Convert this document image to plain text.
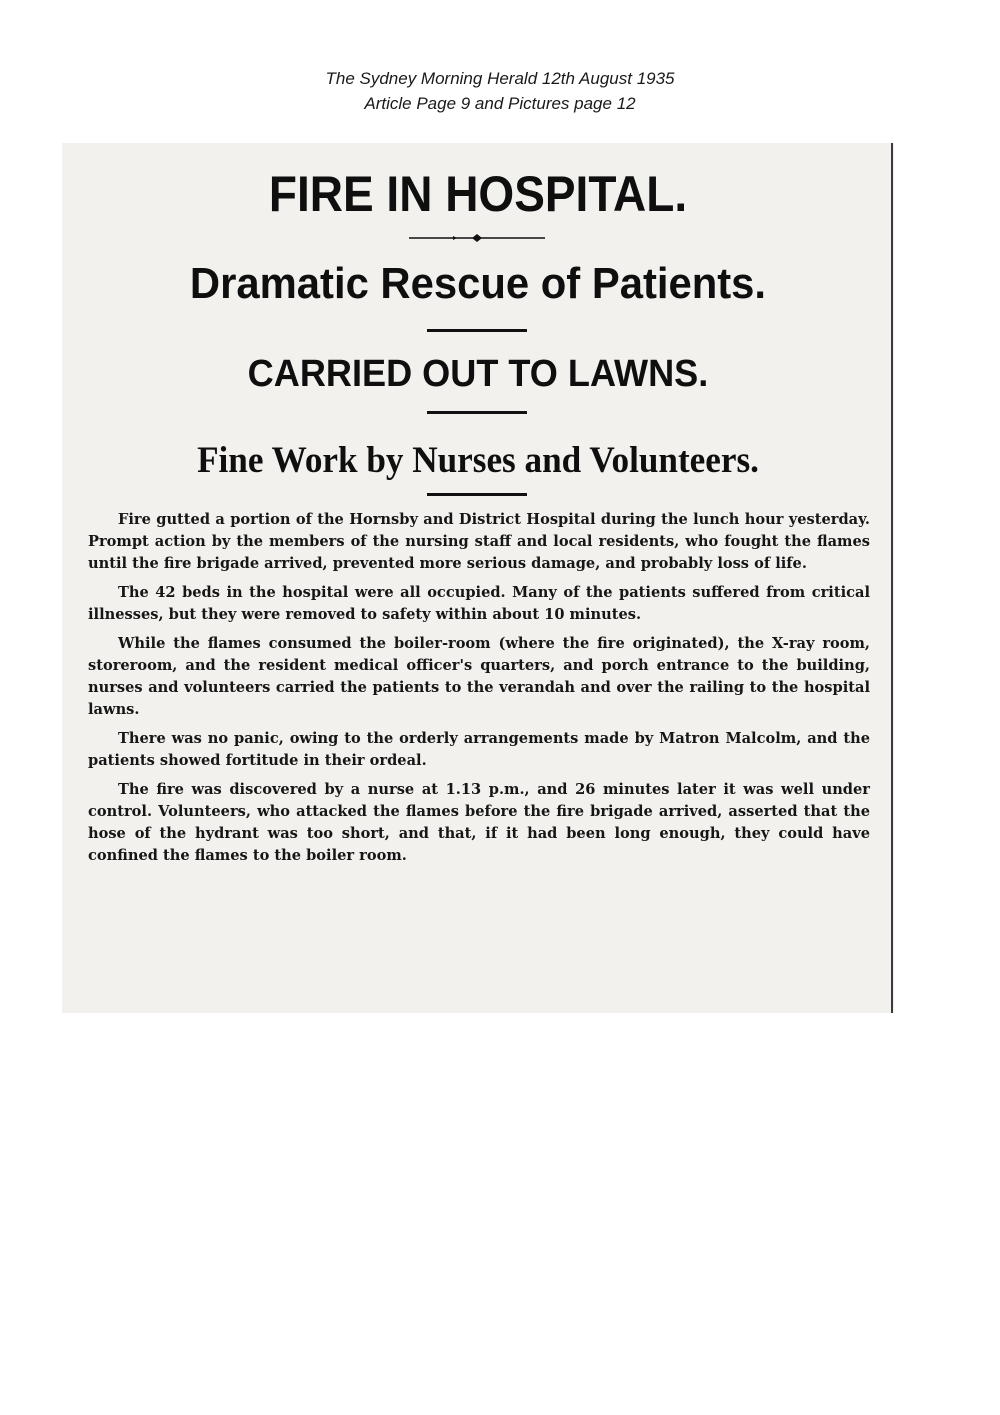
The Sydney Morning Herald 12th August 1935
Article Page 9 and Pictures page 12
FIRE IN HOSPITAL.
Dramatic Rescue of Patients.
CARRIED OUT TO LAWNS.
Fine Work by Nurses and Volunteers.

Fire gutted a portion of the Hornsby and District Hospital during the lunch hour yesterday. Prompt action by the members of the nursing staff and local residents, who fought the flames until the fire brigade arrived, prevented more serious damage, and probably loss of life.

The 42 beds in the hospital were all occupied. Many of the patients suffered from critical illnesses, but they were removed to safety within about 10 minutes.

While the flames consumed the boiler-room (where the fire originated), the X-ray room, storeroom, and the resident medical officer's quarters, and porch entrance to the building, nurses and volunteers carried the patients to the verandah and over the railing to the hospital lawns.

There was no panic, owing to the orderly arrangements made by Matron Malcolm, and the patients showed fortitude in their ordeal.

The fire was discovered by a nurse at 1.13 p.m., and 26 minutes later it was well under control. Volunteers, who attacked the flames before the fire brigade arrived, asserted that the hose of the hydrant was too short, and that, if it had been long enough, they could have confined the flames to the boiler room.
